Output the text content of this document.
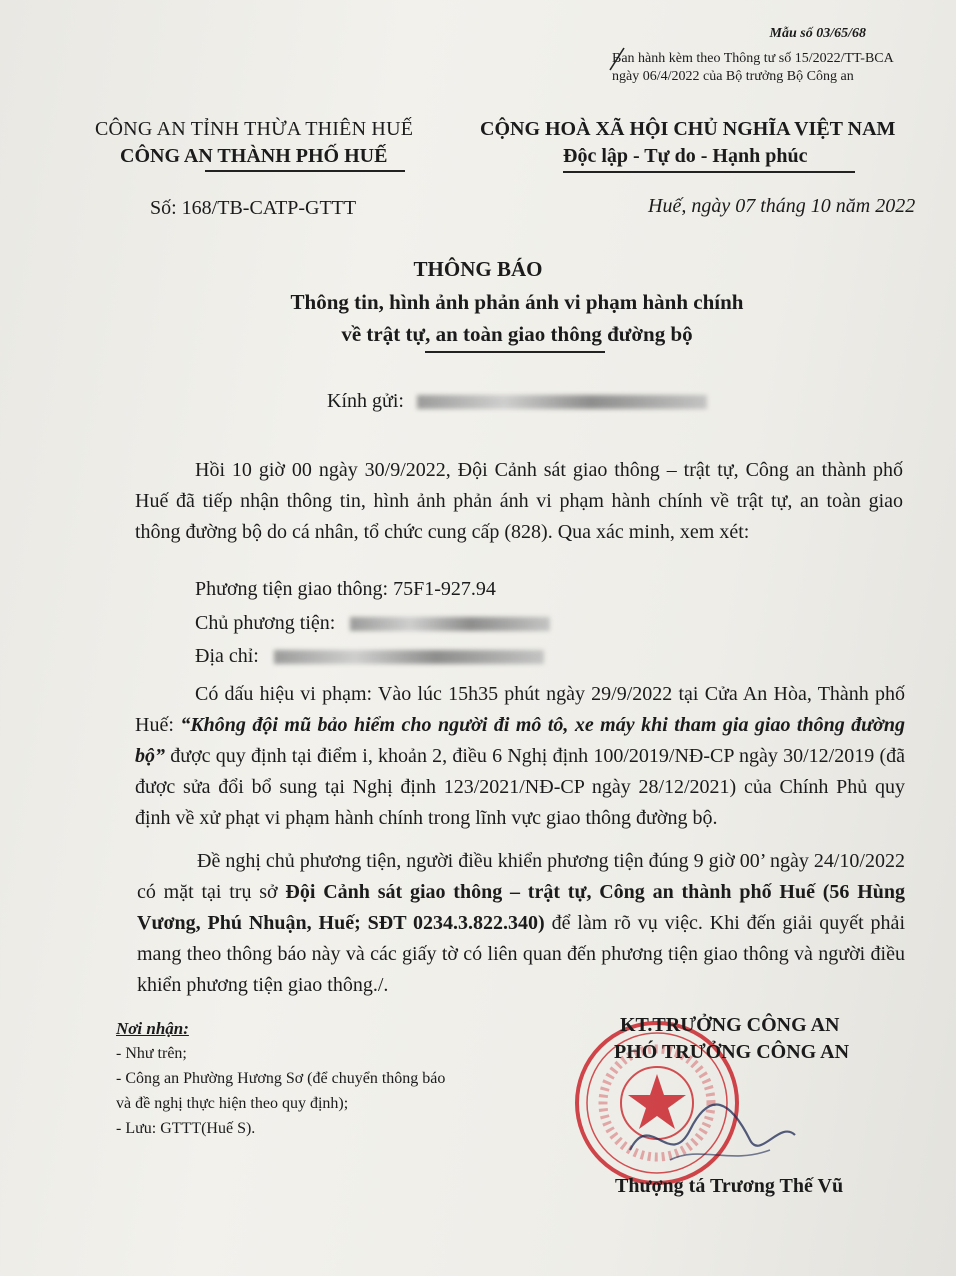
Mẫu số 03/65/68
Ban hành kèm theo Thông tư số 15/2022/TT-BCA
ngày 06/4/2022 của Bộ trưởng Bộ Công an
CÔNG AN TỈNH THỪA THIÊN HUẾ
CÔNG AN THÀNH PHỐ HUẾ
CỘNG HOÀ XÃ HỘI CHỦ NGHĨA VIỆT NAM
Độc lập - Tự do - Hạnh phúc
Số: 168/TB-CATP-GTTT	Huế, ngày 07 tháng 10 năm 2022
THÔNG BÁO
Thông tin, hình ảnh phản ánh vi phạm hành chính
về trật tự, an toàn giao thông đường bộ
Kính gửi:
Hồi 10 giờ 00 ngày 30/9/2022, Đội Cảnh sát giao thông – trật tự, Công an thành phố Huế đã tiếp nhận thông tin, hình ảnh phản ánh vi phạm hành chính về trật tự, an toàn giao thông đường bộ do cá nhân, tổ chức cung cấp (828). Qua xác minh, xem xét:
Phương tiện giao thông: 75F1-927.94
Chủ phương tiện:
Địa chỉ:
Có dấu hiệu vi phạm: Vào lúc 15h35 phút ngày 29/9/2022 tại Cửa An Hòa, Thành phố Huế: “Không đội mũ bảo hiểm cho người đi mô tô, xe máy khi tham gia giao thông đường bộ” được quy định tại điểm i, khoản 2, điều 6 Nghị định 100/2019/NĐ-CP ngày 30/12/2019 (đã được sửa đổi bổ sung tại Nghị định 123/2021/NĐ-CP ngày 28/12/2021) của Chính Phủ quy định về xử phạt vi phạm hành chính trong lĩnh vực giao thông đường bộ.
Đề nghị chủ phương tiện, người điều khiển phương tiện đúng 9 giờ 00’ ngày 24/10/2022 có mặt tại trụ sở Đội Cảnh sát giao thông – trật tự, Công an thành phố Huế (56 Hùng Vương, Phú Nhuận, Huế; SĐT 0234.3.822.340) để làm rõ vụ việc. Khi đến giải quyết phải mang theo thông báo này và các giấy tờ có liên quan đến phương tiện giao thông và người điều khiển phương tiện giao thông./.
Nơi nhận:
- Như trên;
- Công an Phường Hương Sơ (để chuyển thông báo
và đề nghị thực hiện theo quy định);
- Lưu: GTTT(Huế S).
KT.TRƯỞNG CÔNG AN
PHÓ TRƯỞNG CÔNG AN
Thượng tá Trương Thế Vũ
